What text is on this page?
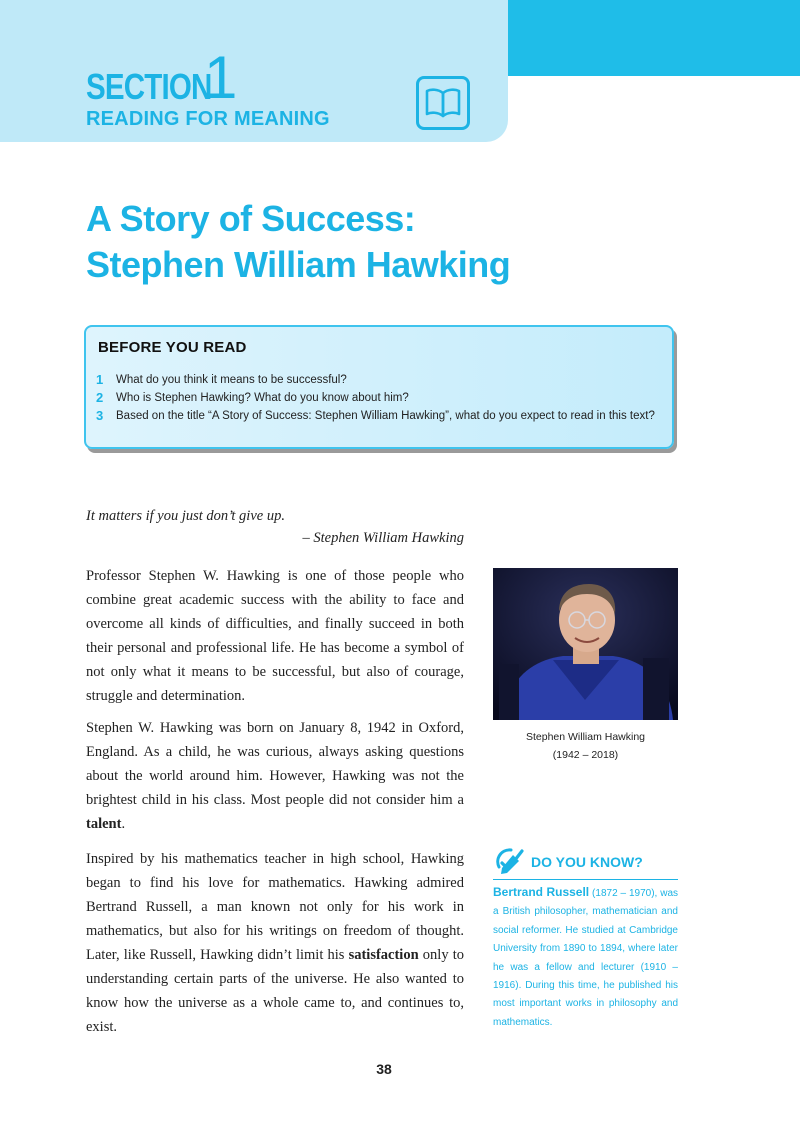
SECTION
1
READING FOR MEANING
A Story of Success:
Stephen William Hawking
BEFORE YOU READ
1 What do you think it means to be successful?
2 Who is Stephen Hawking? What do you know about him?
3 Based on the title “A Story of Success: Stephen William Hawking”, what do you expect to read in this text?
It matters if you just don’t give up.
– Stephen William Hawking

Professor Stephen W. Hawking is one of those people who combine great academic success with the ability to face and overcome all kinds of difficulties, and finally succeed in both their personal and professional life. He has become a symbol of not only what it means to be successful, but also of courage, struggle and determination.

Stephen W. Hawking was born on January 8, 1942 in Oxford, England. As a child, he was curious, always asking questions about the world around him. However, Hawking was not the brightest child in his class. Most people did not consider him a talent.

Inspired by his mathematics teacher in high school, Hawking began to find his love for mathematics. Hawking admired Bertrand Russell, a man known not only for his work in mathematics, but also for his writings on freedom of thought. Later, like Russell, Hawking didn’t limit his satisfaction only to understanding certain parts of the universe. He also wanted to know how the universe as a whole came to, and continues to, exist.

Stephen William Hawking
(1942 – 2018)
DO YOU KNOW?
Bertrand Russell (1872 – 1970), was a British philosopher, mathematician and social reformer. He studied at Cambridge University from 1890 to 1894, where later he was a fellow and lecturer (1910 – 1916). During this time, he published his most important works in philosophy and mathematics.
38
